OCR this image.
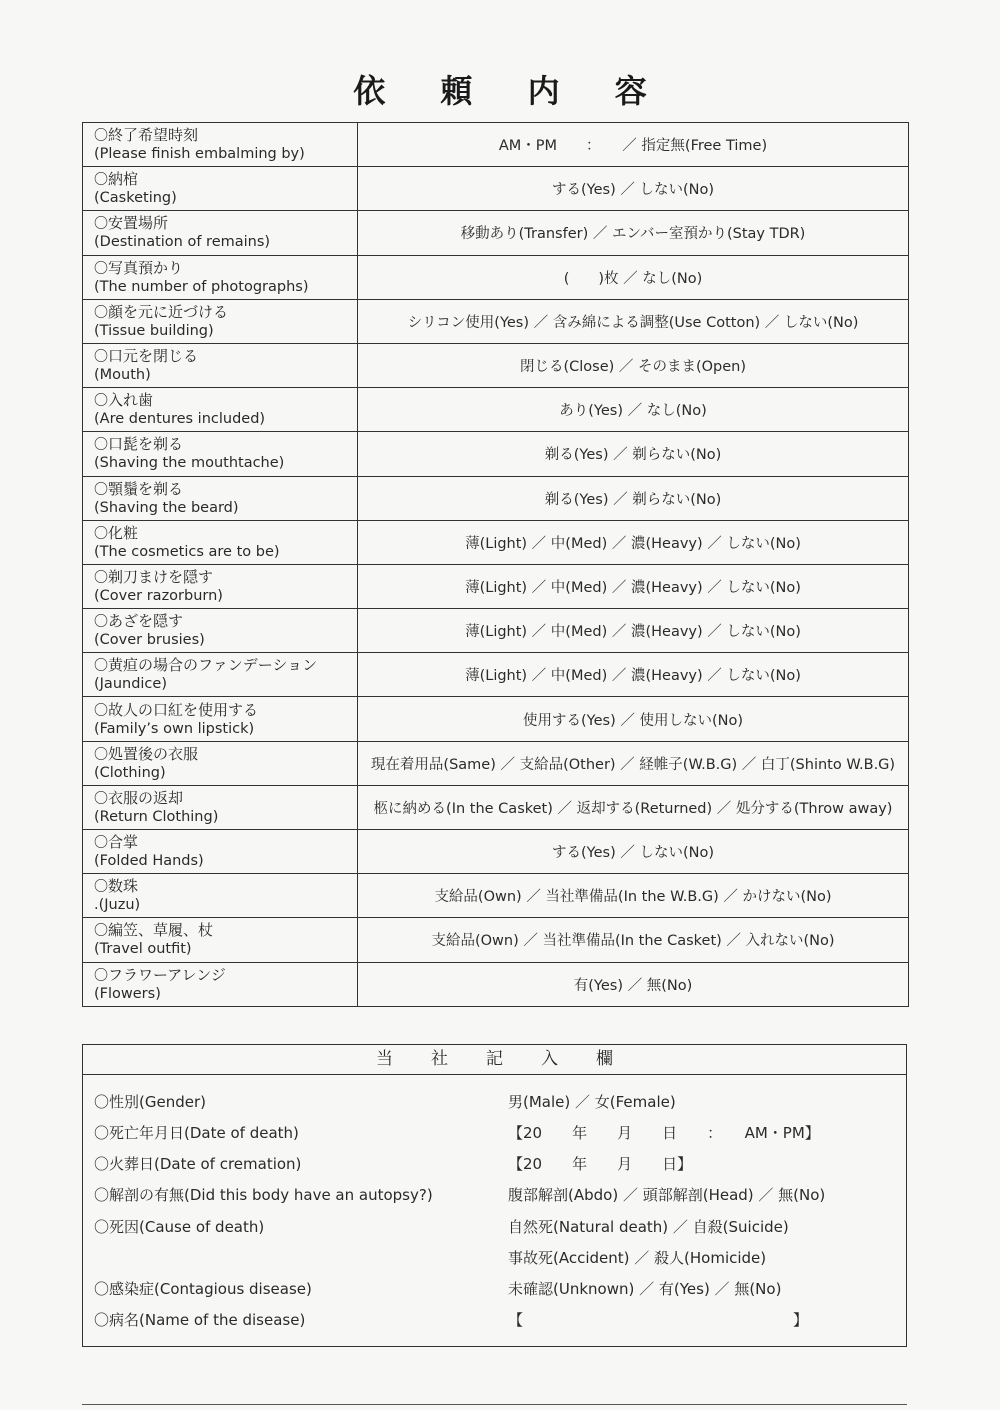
依 頼 内 容
〇終了希望時刻
(Please finish embalming by)	AM・PM　　：　　／ 指定無(Free Time)

〇納棺
(Casketing)	する(Yes) ／ しない(No)

〇安置場所
(Destination of remains)	移動あり(Transfer) ／ エンバー室預かり(Stay TDR)

〇写真預かり
(The number of photographs)	(　　)枚 ／ なし(No)

〇顔を元に近づける
(Tissue building)	シリコン使用(Yes) ／ 含み綿による調整(Use Cotton) ／ しない(No)

〇口元を閉じる
(Mouth)	閉じる(Close) ／ そのまま(Open)

〇入れ歯
(Are dentures included)	あり(Yes) ／ なし(No)

〇口髭を剃る
(Shaving the mouthtache)	剃る(Yes) ／ 剃らない(No)

〇顎鬚を剃る
(Shaving the beard)	剃る(Yes) ／ 剃らない(No)

〇化粧
(The cosmetics are to be)	薄(Light) ／ 中(Med) ／ 濃(Heavy) ／ しない(No)

〇剃刀まけを隠す
(Cover razorburn)	薄(Light) ／ 中(Med) ／ 濃(Heavy) ／ しない(No)

〇あざを隠す
(Cover brusies)	薄(Light) ／ 中(Med) ／ 濃(Heavy) ／ しない(No)

〇黄疸の場合のファンデーション
(Jaundice)	薄(Light) ／ 中(Med) ／ 濃(Heavy) ／ しない(No)

〇故人の口紅を使用する
(Family’s own lipstick)	使用する(Yes) ／ 使用しない(No)

〇処置後の衣服
(Clothing)	現在着用品(Same) ／ 支給品(Other) ／ 経帷子(W.B.G) ／ 白丁(Shinto W.B.G)

〇衣服の返却
(Return Clothing)	柩に納める(In the Casket) ／ 返却する(Returned) ／ 処分する(Throw away)

〇合掌
(Folded Hands)	する(Yes) ／ しない(No)

〇数珠
.(Juzu)	支給品(Own) ／ 当社準備品(In the W.B.G) ／ かけない(No)

〇編笠、草履、杖
(Travel outfit)	支給品(Own) ／ 当社準備品(In the Casket) ／ 入れない(No)

〇フラワーアレンジ
(Flowers)	有(Yes) ／ 無(No)
当社記入欄
〇性別(Gender)	男(Male) ／ 女(Female)
〇死亡年月日(Date of death)	【20　　年　　月　　日　　：　　AM・PM】
〇火葬日(Date of cremation)	【20　　年　　月　　日】
〇解剖の有無(Did this body have an autopsy?)	腹部解剖(Abdo) ／ 頭部解剖(Head) ／ 無(No)
〇死因(Cause of death)	自然死(Natural death) ／ 自殺(Suicide)
事故死(Accident) ／ 殺人(Homicide)
〇感染症(Contagious disease)	未確認(Unknown) ／ 有(Yes) ／ 無(No)
〇病名(Name of the disease)	【　　　　　　　　　　　　　　　　　　】
